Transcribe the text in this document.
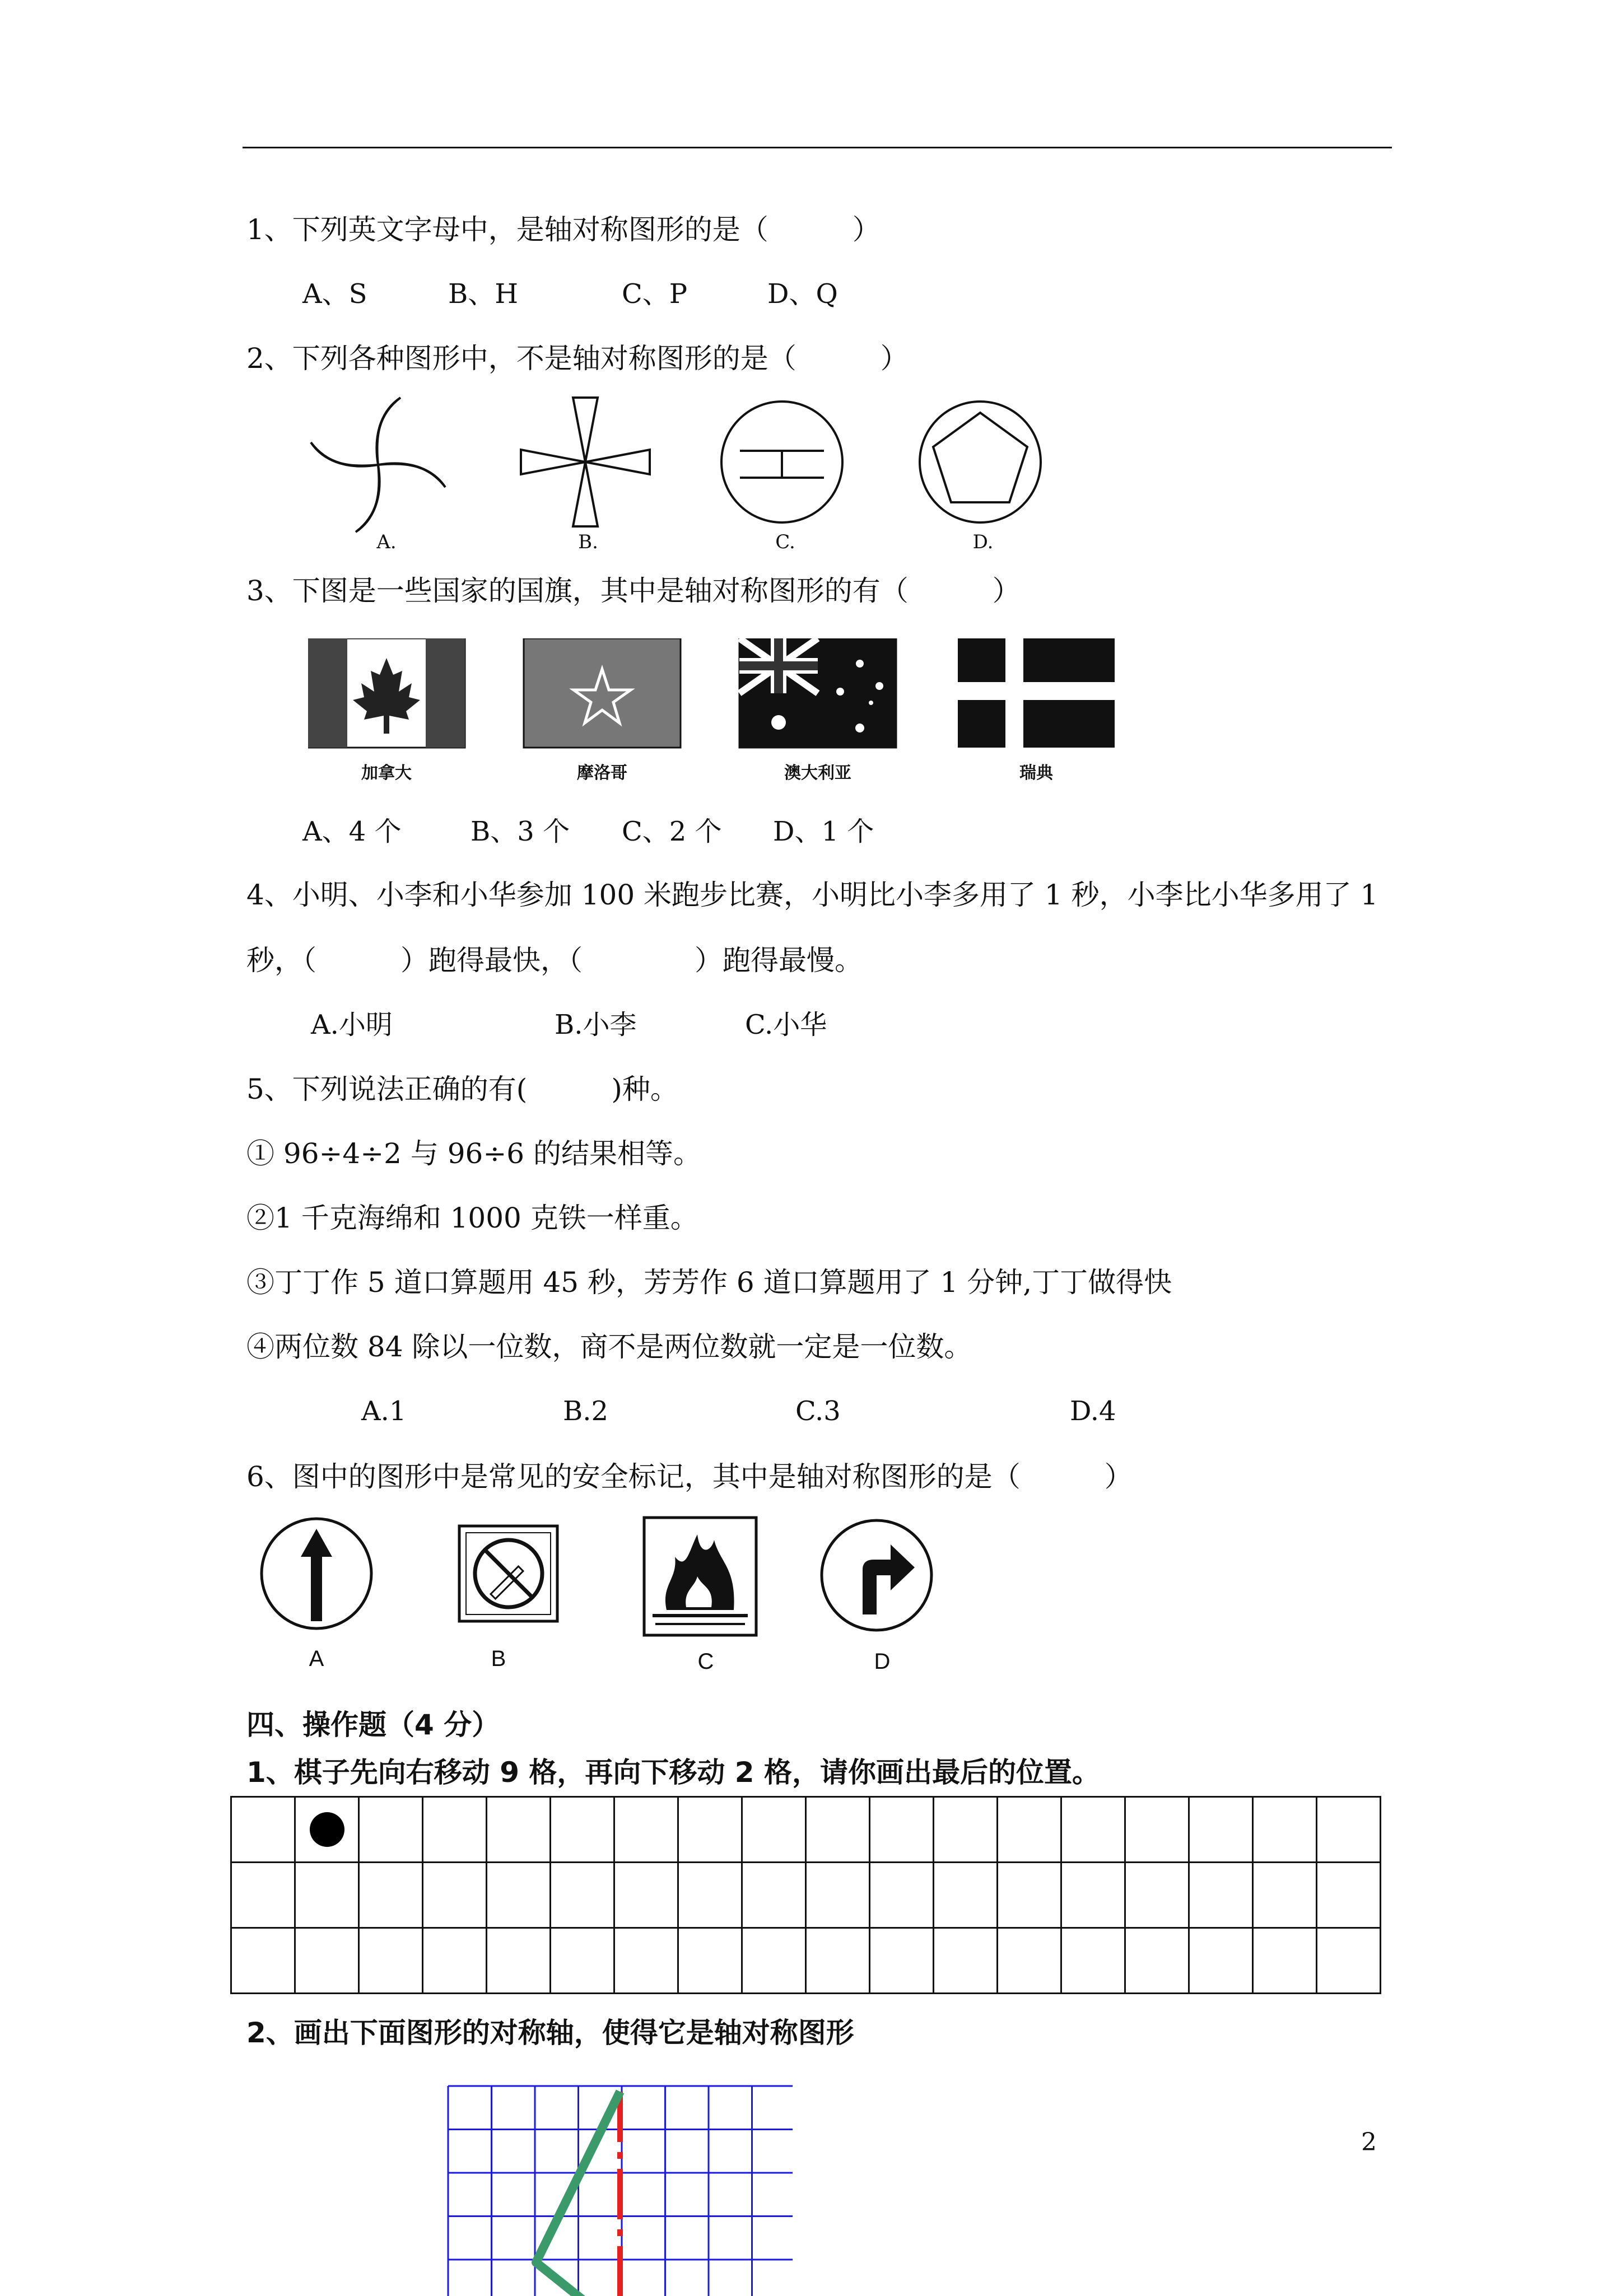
1、下列英文字母中，是轴对称图形的是（　　　）
A、S	B、H	C、P	D、Q
2、下列各种图形中，不是轴对称图形的是（　　　）
A.	B.	C.	D.
3、下图是一些国家的国旗，其中是轴对称图形的有（　　　）
加拿大	摩洛哥	澳大利亚	瑞典
A、4 个	B、3 个 C、2 个 D、1 个
4、小明、小李和小华参加 100 米跑步比赛，小明比小李多用了 1 秒，小李比小华多用了 1
秒，（　　　）跑得最快，（　　　　）跑得最慢。
A.小明	B.小李	C.小华
5、下列说法正确的有(　　　)种。
① 96÷4÷2 与 96÷6 的结果相等。
②1 千克海绵和 1000 克铁一样重。
③丁丁作 5 道口算题用 45 秒，芳芳作 6 道口算题用了 1 分钟,丁丁做得快
④两位数 84 除以一位数，商不是两位数就一定是一位数。
A.1	B.2	C.3	D.4
6、图中的图形中是常见的安全标记，其中是轴对称图形的是（　　　）
A	B	C	D
四、操作题（4 分）
1、棋子先向右移动 9 格，再向下移动 2 格，请你画出最后的位置。

2、画出下面图形的对称轴，使得它是轴对称图形
2
